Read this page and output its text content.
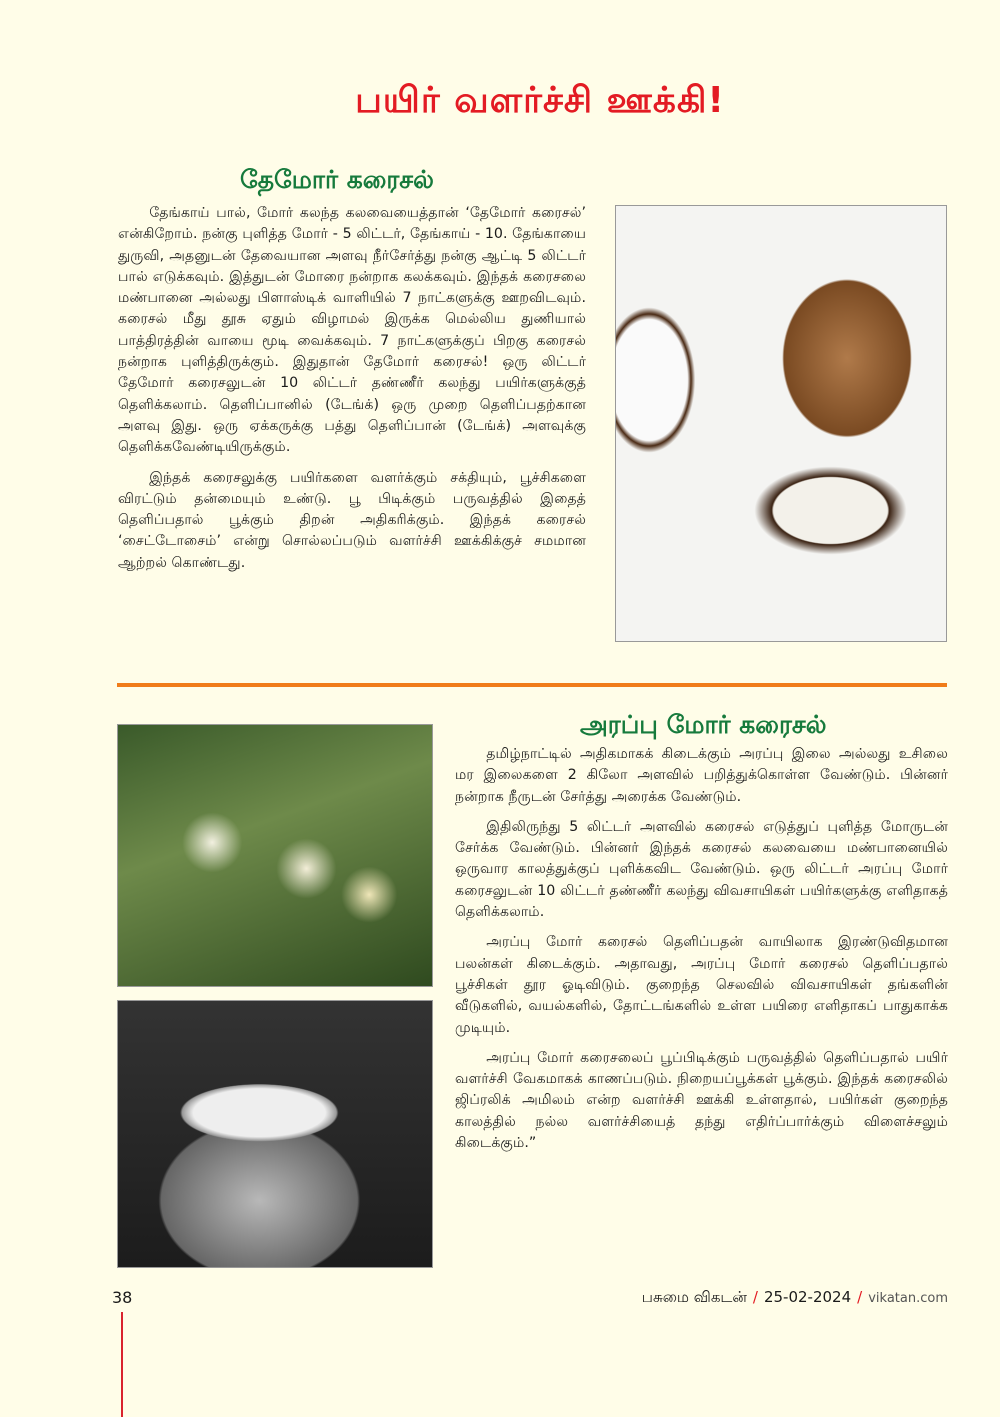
பயிர் வளர்ச்சி ஊக்கி!
தேமோர் கரைசல்

தேங்காய் பால், மோர் கலந்த கலவையைத்தான் ‘தேமோர் கரைசல்’ என்கிறோம். நன்கு புளித்த மோர் - 5 லிட்டர், தேங்காய் - 10. தேங்காயை துருவி, அதனுடன் தேவையான அளவு நீர்சேர்த்து நன்கு ஆட்டி 5 லிட்டர் பால் எடுக்கவும். இத்துடன் மோரை நன்றாக கலக்கவும். இந்தக் கரைசலை மண்பானை அல்லது பிளாஸ்டிக் வாளியில் 7 நாட்களுக்கு ஊறவிடவும். கரைசல் மீது தூசு ஏதும் விழாமல் இருக்க மெல்லிய துணியால் பாத்திரத்தின் வாயை மூடி வைக்கவும். 7 நாட்களுக்குப் பிறகு கரைசல் நன்றாக புளித்திருக்கும். இதுதான் தேமோர் கரைசல்! ஒரு லிட்டர் தேமோர் கரைசலுடன் 10 லிட்டர் தண்ணீர் கலந்து பயிர்களுக்குத் தெளிக்கலாம். தெளிப்பானில் (டேங்க்) ஒரு முறை தெளிப்பதற்கான அளவு இது. ஒரு ஏக்கருக்கு பத்து தெளிப்பான் (டேங்க்) அளவுக்கு தெளிக்கவேண்டியிருக்கும்.

இந்தக் கரைசலுக்கு பயிர்களை வளர்க்கும் சக்தியும், பூச்சிகளை விரட்டும் தன்மையும் உண்டு. பூ பிடிக்கும் பருவத்தில் இதைத் தெளிப்பதால் பூக்கும் திறன் அதிகரிக்கும். இந்தக் கரைசல் ‘சைட்டோசைம்’ என்று சொல்லப்படும் வளர்ச்சி ஊக்கிக்குச் சமமான ஆற்றல் கொண்டது.

அரப்பு மோர் கரைசல்

தமிழ்நாட்டில் அதிகமாகக் கிடைக்கும் அரப்பு இலை அல்லது உசிலை மர இலைகளை 2 கிலோ அளவில் பறித்துக்கொள்ள வேண்டும். பின்னர் நன்றாக நீருடன் சேர்த்து அரைக்க வேண்டும்.

இதிலிருந்து 5 லிட்டர் அளவில் கரைசல் எடுத்துப் புளித்த மோருடன் சேர்க்க வேண்டும். பின்னர் இந்தக் கரைசல் கலவையை மண்பானையில் ஒருவார காலத்துக்குப் புளிக்கவிட வேண்டும். ஒரு லிட்டர் அரப்பு மோர் கரைசலுடன் 10 லிட்டர் தண்ணீர் கலந்து விவசாயிகள் பயிர்களுக்கு எளிதாகத் தெளிக்கலாம்.

அரப்பு மோர் கரைசல் தெளிப்பதன் வாயிலாக இரண்டுவிதமான பலன்கள் கிடைக்கும். அதாவது, அரப்பு மோர் கரைசல் தெளிப்பதால் பூச்சிகள் தூர ஓடிவிடும். குறைந்த செலவில் விவசாயிகள் தங்களின் வீடுகளில், வயல்களில், தோட்டங்களில் உள்ள பயிரை எளிதாகப் பாதுகாக்க முடியும்.

அரப்பு மோர் கரைசலைப் பூப்பிடிக்கும் பருவத்தில் தெளிப்பதால் பயிர் வளர்ச்சி வேகமாகக் காணப்படும். நிறையப்பூக்கள் பூக்கும். இந்தக் கரைசலில் ஜிப்ரலிக் அமிலம் என்ற வளர்ச்சி ஊக்கி உள்ளதால், பயிர்கள் குறைந்த காலத்தில் நல்ல வளர்ச்சியைத் தந்து எதிர்ப்பார்க்கும் விளைச்சலும் கிடைக்கும்.”

38	பசுமை விகடன் / 25-02-2024 / vikatan.com
